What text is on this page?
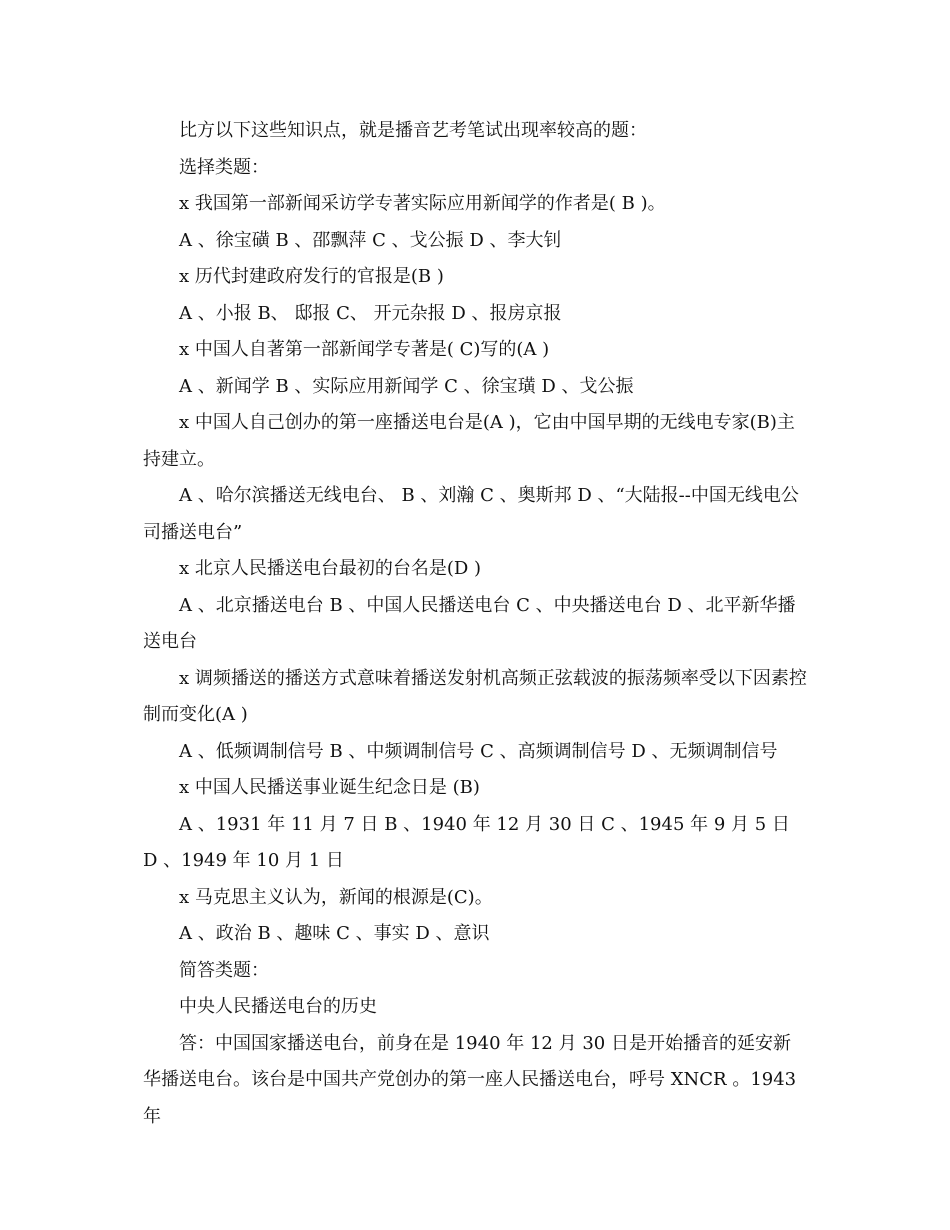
比方以下这些知识点，就是播音艺考笔试出现率较高的题：

选择类题：

x 我国第一部新闻采访学专著实际应用新闻学的作者是( B )。

A 、徐宝磺 B 、邵飘萍 C 、戈公振 D 、李大钊

x 历代封建政府发行的官报是(B )

A 、小报 B、 邸报 C、 开元杂报 D 、报房京报

x 中国人自著第一部新闻学专著是( C)写的(A )

A 、新闻学 B 、实际应用新闻学 C 、徐宝璜 D 、戈公振

x 中国人自己创办的第一座播送电台是(A )，它由中国早期的无线电专家(B)主持建立。

A 、哈尔滨播送无线电台、 B 、刘瀚 C 、奥斯邦 D 、“大陆报--中国无线电公司播送电台”

x 北京人民播送电台最初的台名是(D )

A 、北京播送电台 B 、中国人民播送电台 C 、中央播送电台 D 、北平新华播送电台

x 调频播送的播送方式意味着播送发射机高频正弦载波的振荡频率受以下因素控制而变化(A )

A 、低频调制信号 B 、中频调制信号 C 、高频调制信号 D 、无频调制信号

x 中国人民播送事业诞生纪念日是 (B)

A 、1931 年 11 月 7 日 B 、1940 年 12 月 30 日 C 、1945 年 9 月 5 日 D 、1949 年 10 月 1 日

x 马克思主义认为，新闻的根源是(C)。

A 、政治 B 、趣味 C 、事实 D 、意识

简答类题：

中央人民播送电台的历史

答：中国国家播送电台，前身在是 1940 年 12 月 30 日是开始播音的延安新华播送电台。该台是中国共产党创办的第一座人民播送电台，呼号 XNCR 。1943 年
